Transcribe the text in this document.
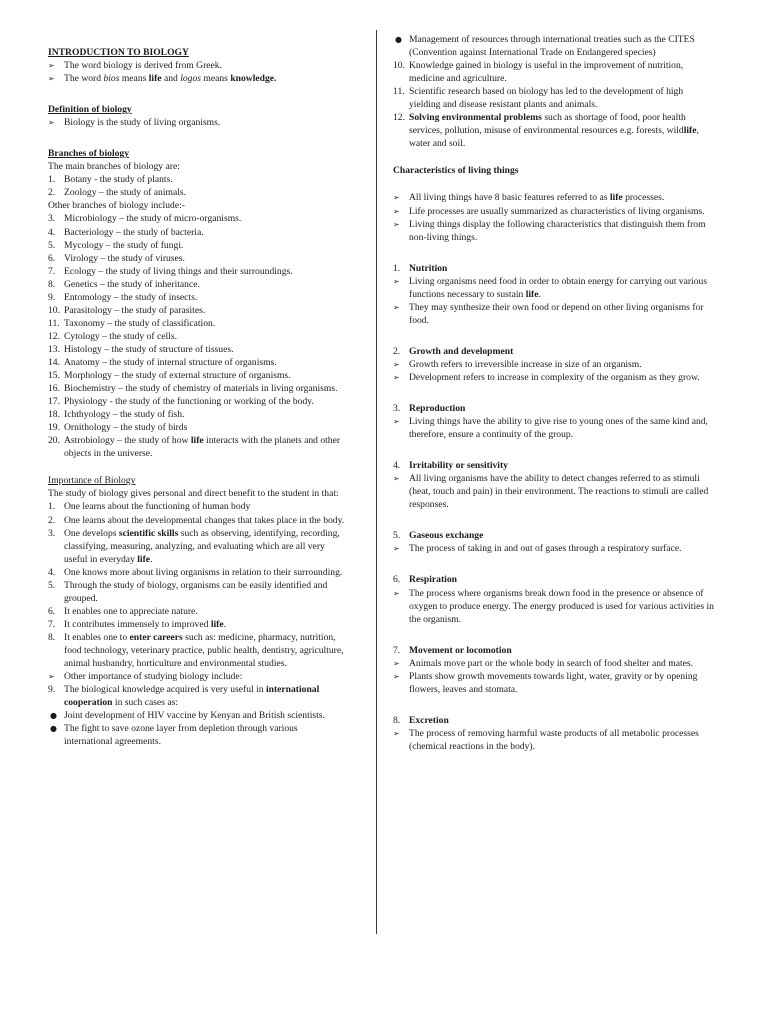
INTRODUCTION TO BIOLOGY

➢ The word biology is derived from Greek.
➢ The word bios means life and logos means knowledge.

Definition of biology

➢ Biology is the study of living organisms.

Branches of biology

The main branches of biology are:

1. Botany - the study of plants.
2. Zoology – the study of animals.

Other branches of biology include:-

3. Microbiology – the study of micro-organisms.
4. Bacteriology – the study of bacteria.
5. Mycology – the study of fungi.
6. Virology – the study of viruses.
7. Ecology – the study of living things and their surroundings.
8. Genetics – the study of inheritance.
9. Entomology – the study of insects.
10. Parasitology – the study of parasites.
11. Taxonomy – the study of classification.
12. Cytology – the study of cells.
13. Histology – the study of structure of tissues.
14. Anatomy – the study of internal structure of organisms.
15. Morphology – the study of external structure of organisms.
16. Biochemistry – the study of chemistry of materials in living organisms.
17. Physiology - the study of the functioning or working of the body.
18. Ichthyology – the study of fish.
19. Ornithology – the study of birds
20. Astrobiology – the study of how life interacts with the planets and other objects in the universe.

Importance of Biology

The study of biology gives personal and direct benefit to the student in that:

1. One learns about the functioning of human body
2. One learns about the developmental changes that takes place in the body.
3. One develops scientific skills such as observing, identifying, recording, classifying, measuring, analyzing, and evaluating which are all very useful in everyday life.
4. One knows more about living organisms in relation to their surrounding.
5. Through the study of biology, organisms can be easily identified and grouped.
6. It enables one to appreciate nature.
7. It contributes immensely to improved life.
8. It enables one to enter careers such as: medicine, pharmacy, nutrition, food technology, veterinary practice, public health, dentistry, agriculture, animal husbandry, horticulture and environmental studies.
➢ Other importance of studying biology include:
9. The biological knowledge acquired is very useful in international cooperation in such cases as:
● Joint development of HIV vaccine by Kenyan and British scientists.
● The fight to save ozone layer from depletion through various international agreements.
● Management of resources through international treaties such as the CITES (Convention against International Trade on Endangered species)
10. Knowledge gained in biology is useful in the improvement of nutrition, medicine and agriculture.
11. Scientific research based on biology has led to the development of high yielding and disease resistant plants and animals.
12. Solving environmental problems such as shortage of food, poor health services, pollution, misuse of environmental resources e.g. forests, wildlife, water and soil.

Characteristics of living things

➢ All living things have 8 basic features referred to as life processes.
➢ Life processes are usually summarized as characteristics of living organisms.
➢ Living things display the following characteristics that distinguish them from non-living things.
1. Nutrition
➢ Living organisms need food in order to obtain energy for carrying out various functions necessary to sustain life.
➢ They may synthesize their own food or depend on other living organisms for food.
2. Growth and development
➢ Growth refers to irreversible increase in size of an organism.
➢ Development refers to increase in complexity of the organism as they grow.
3. Reproduction
➢ Living things have the ability to give rise to young ones of the same kind and, therefore, ensure a continuity of the group.
4. Irritability or sensitivity
➢ All living organisms have the ability to detect changes referred to as stimuli (heat, touch and pain) in their environment. The reactions to stimuli are called responses.
5. Gaseous exchange
➢ The process of taking in and out of gases through a respiratory surface.
6. Respiration
➢ The process where organisms break down food in the presence or absence of oxygen to produce energy. The energy produced is used for various activities in the organism.
7. Movement or locomotion
➢ Animals move part or the whole body in search of food shelter and mates.
➢ Plants show growth movements towards light, water, gravity or by opening flowers, leaves and stomata.
8. Excretion
➢ The process of removing harmful waste products of all metabolic processes (chemical reactions in the body).
